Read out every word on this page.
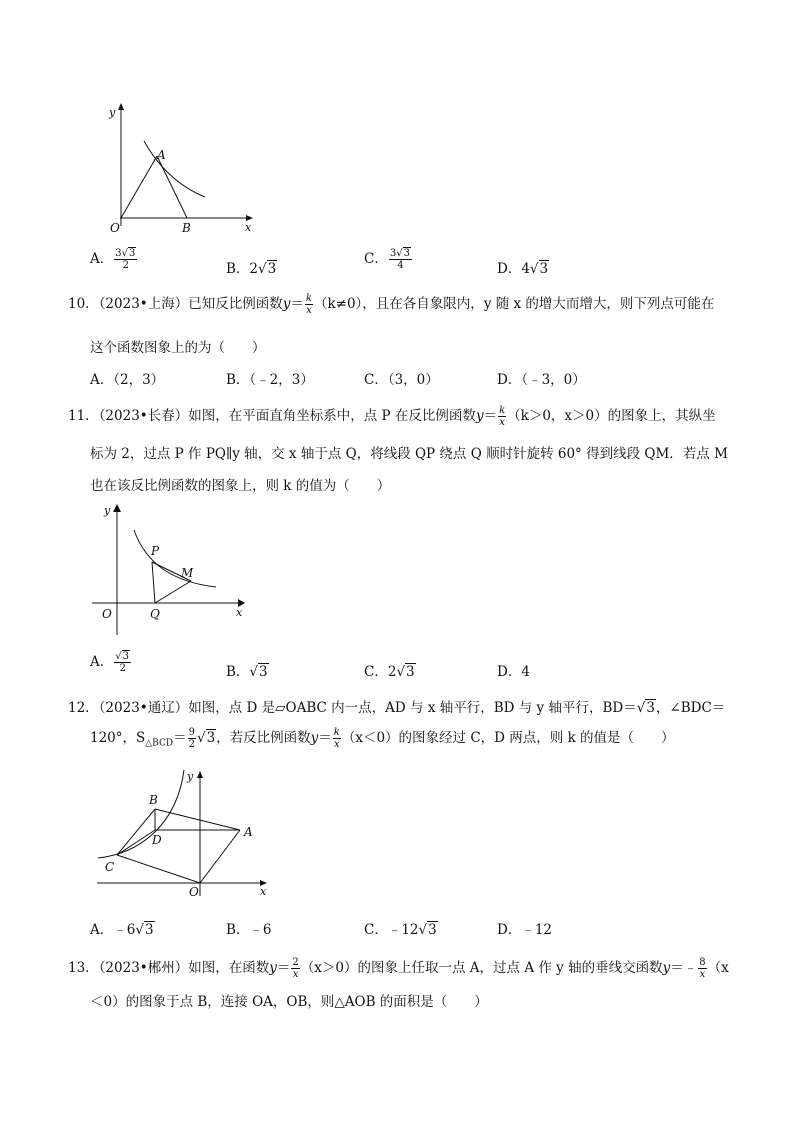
y
x
O
A
B
A． $\frac{3√3}{2}$	B．2√3
C． $\frac{3√3}{4}$	D．4√3
10．（2023•上海）已知反比例函数$y= \frac{k}{x} (k\ne 0)$，且在各自象限内，y 随 x 的增大而增大，则下列点可能在
这个函数图象上的为（　　）
A．（2，3）	B．（﹣2，3）	C．（3，0）	D．（﹣3，0）
11．（2023•长春）如图，在平面直角坐标系中，点 P 在反比例函数$y= \frac{k}{x} (k>0$，x＞0）的图象上，其纵坐
标为 2，过点 P 作 PQ∥y 轴，交 x 轴于点 Q，将线段 QP 绕点 Q 顺时针旋转 60° 得到线段 QM．若点 M
也在该反比例函数的图象上，则 k 的值为（　　）
y
x
O
P
M
Q
A． $\frac{√3}{2}$	B．√3	C．2√3	D．4
12．（2023•通辽）如图，点 D 是▱OABC 内一点，AD 与 x 轴平行，BD 与 y 轴平行，BD＝√3，∠BDC＝
120°，$S_{\triangle BCD}= \frac{9}{2} √3$，若反比例函数$y= \frac{k}{x} (x<0)$的图象经过 C，D 两点，则 k 的值是（　　）
y
x
O
A
B
C
D
A．﹣6√3	B．﹣6	C．﹣12√3	D．﹣12
13．（2023•郴州）如图，在函数$y= \frac{2}{x} (x>0)$的图象上任取一点 A，过点 A 作 y 轴的垂线交函数y＝﹣ $\frac{8}{x} (x$
＜0）的图象于点 B，连接 OA，OB，则△AOB 的面积是（　　）
